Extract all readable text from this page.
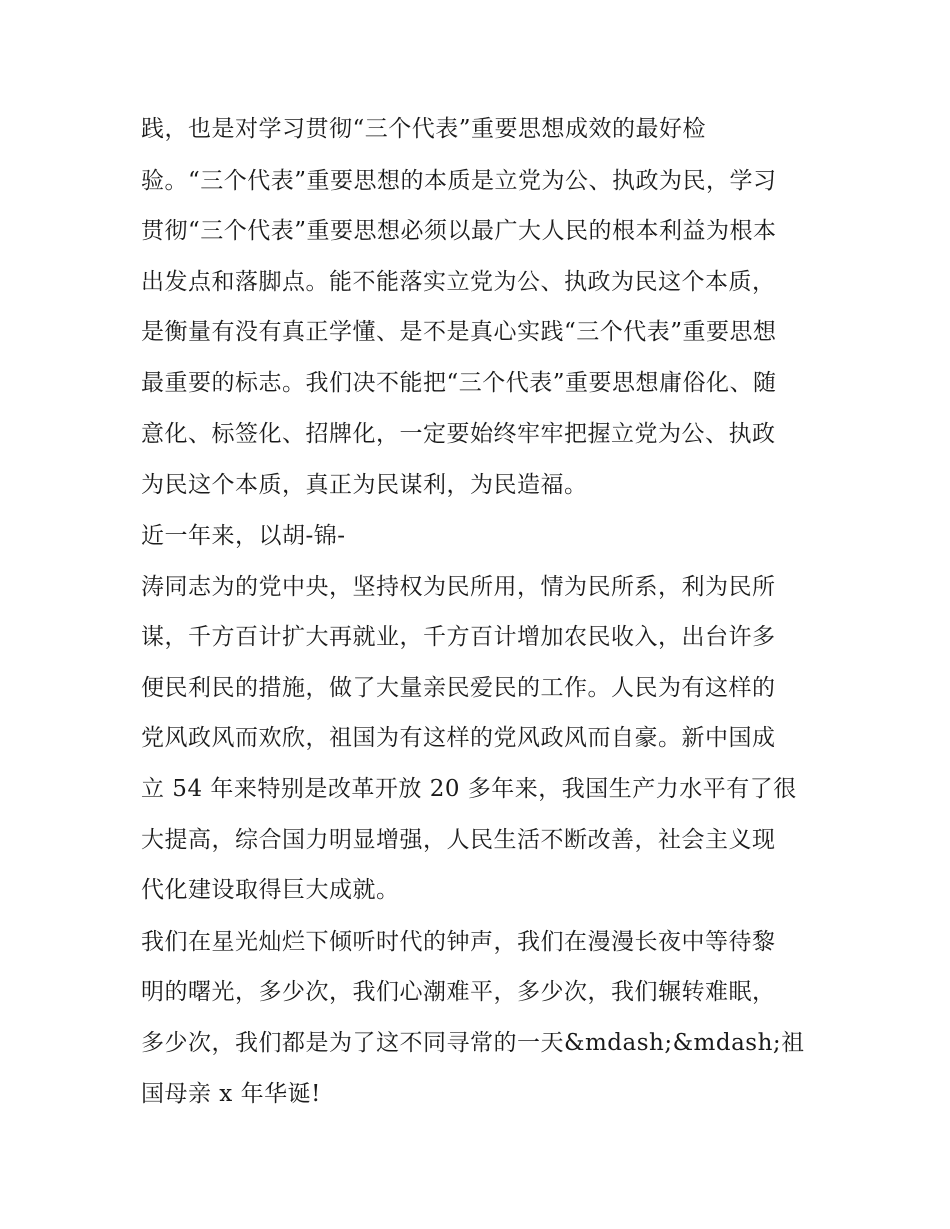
践，也是对学习贯彻“三个代表”重要思想成效的最好检
验。“三个代表”重要思想的本质是立党为公、执政为民，学习
贯彻“三个代表”重要思想必须以最广大人民的根本利益为根本
出发点和落脚点。能不能落实立党为公、执政为民这个本质，
是衡量有没有真正学懂、是不是真心实践“三个代表”重要思想
最重要的标志。我们决不能把“三个代表”重要思想庸俗化、随
意化、标签化、招牌化，一定要始终牢牢把握立党为公、执政
为民这个本质，真正为民谋利，为民造福。
近一年来，以胡-锦-
涛同志为的党中央，坚持权为民所用，情为民所系，利为民所
谋，千方百计扩大再就业，千方百计增加农民收入，出台许多
便民利民的措施，做了大量亲民爱民的工作。人民为有这样的
党风政风而欢欣，祖国为有这样的党风政风而自豪。新中国成
立 54 年来特别是改革开放 20 多年来，我国生产力水平有了很
大提高，综合国力明显增强，人民生活不断改善，社会主义现
代化建设取得巨大成就。
我们在星光灿烂下倾听时代的钟声，我们在漫漫长夜中等待黎
明的曙光，多少次，我们心潮难平，多少次，我们辗转难眠，
多少次，我们都是为了这不同寻常的一天&mdash;&mdash;祖
国母亲 x 年华诞!
